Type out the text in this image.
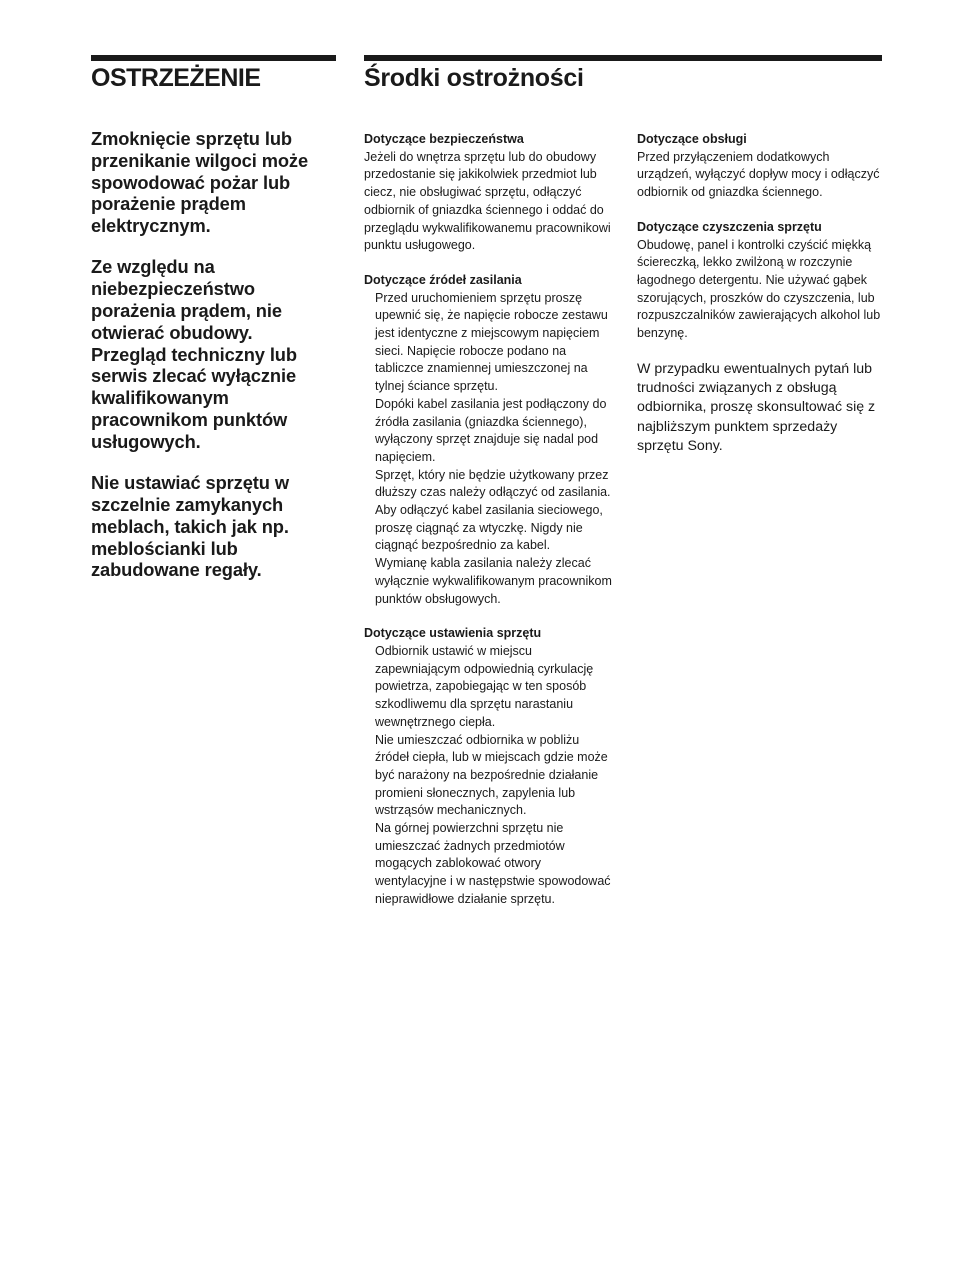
OSTRZEŻENIE	Środki ostrożności

Zmoknięcie sprzętu lub przenikanie wilgoci może spowodować pożar lub porażenie prądem elektrycznym.

Ze względu na niebezpieczeństwo porażenia prądem, nie otwierać obudowy. Przegląd techniczny lub serwis zlecać wyłącznie kwalifikowanym pracownikom punktów usługowych.

Nie ustawiać sprzętu w szczelnie zamykanych meblach, takich jak np. meblościanki lub zabudowane regały.

Dotyczące bezpieczeństwa

Jeżeli do wnętrza sprzętu lub do obudowy przedostanie się jakikolwiek przedmiot lub ciecz, nie obsługiwać sprzętu, odłączyć odbiornik of gniazdka ściennego i oddać do przeglądu wykwalifikowanemu pracownikowi punktu usługowego.

Dotyczące źródeł zasilania

Przed uruchomieniem sprzętu proszę upewnić się, że napięcie robocze zestawu jest identyczne z miejscowym napięciem sieci. Napięcie robocze podano na tabliczce znamiennej umieszczonej na tylnej ściance sprzętu.

Dopóki kabel zasilania jest podłączony do źródła zasilania (gniazdka ściennego), wyłączony sprzęt znajduje się nadal pod napięciem.

Sprzęt, który nie będzie użytkowany przez dłuższy czas należy odłączyć od zasilania. Aby odłączyć kabel zasilania sieciowego, proszę ciągnąć za wtyczkę. Nigdy nie ciągnąć bezpośrednio za kabel.

Wymianę kabla zasilania należy zlecać wyłącznie wykwalifikowanym pracownikom punktów obsługowych.

Dotyczące ustawienia sprzętu

Odbiornik ustawić w miejscu zapewniającym odpowiednią cyrkulację powietrza, zapobiegając w ten sposób szkodliwemu dla sprzętu narastaniu wewnętrznego ciepła.

Nie umieszczać odbiornika w pobliżu źródeł ciepła, lub w miejscach gdzie może być narażony na bezpośrednie działanie promieni słonecznych, zapylenia lub wstrząsów mechanicznych.

Na górnej powierzchni sprzętu nie umieszczać żadnych przedmiotów mogących zablokować otwory wentylacyjne i w następstwie spowodować nieprawidłowe działanie sprzętu.

Dotyczące obsługi

Przed przyłączeniem dodatkowych urządzeń, wyłączyć dopływ mocy i odłączyć odbiornik od gniazdka ściennego.

Dotyczące czyszczenia sprzętu

Obudowę, panel i kontrolki czyścić miękką ściereczką, lekko zwilżoną w rozczynie łagodnego detergentu. Nie używać gąbek szorujących, proszków do czyszczenia, lub rozpuszczalników zawierających alkohol lub benzynę.

W przypadku ewentualnych pytań lub trudności związanych z obsługą odbiornika, proszę skonsultować się z najbliższym punktem sprzedaży sprzętu Sony.
